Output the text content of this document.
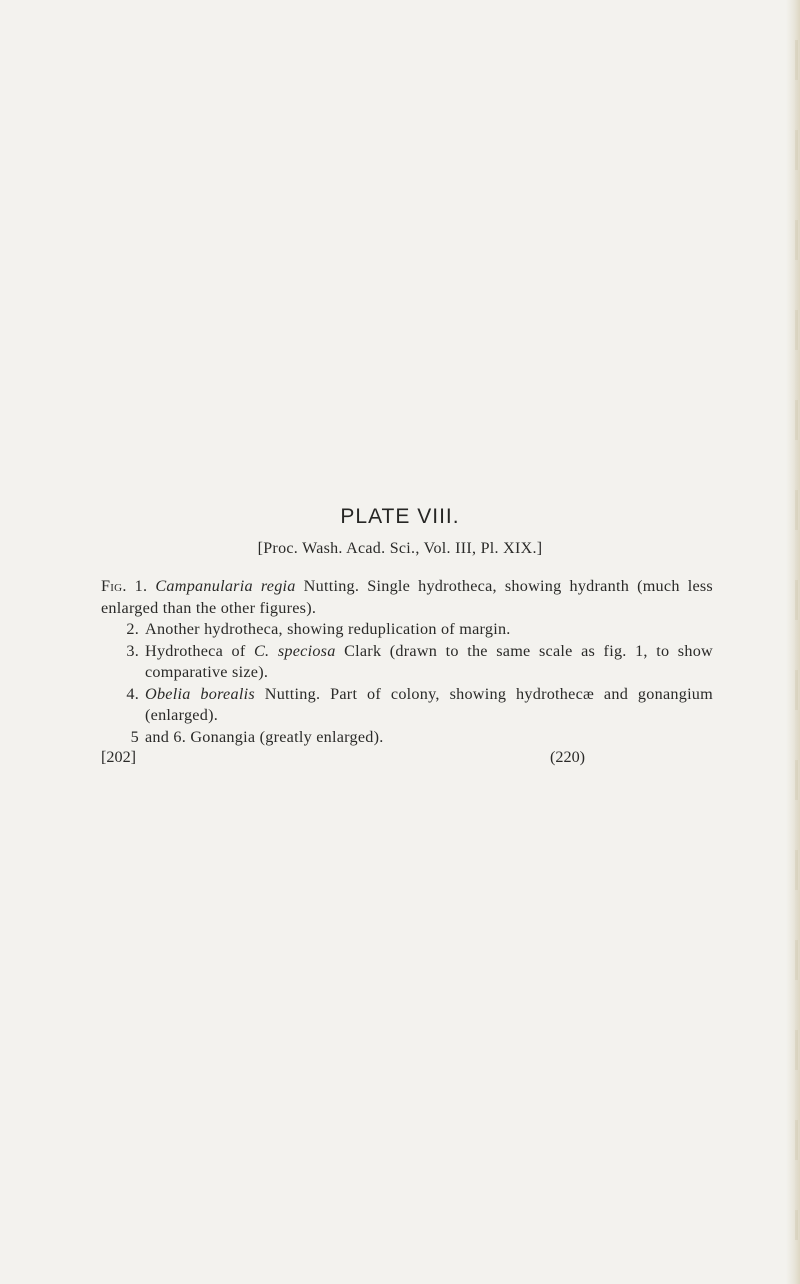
PLATE VIII.
[Proc. Wash. Acad. Sci., Vol. III, Pl. XIX.]
Fig. 1. Campanularia regia Nutting. Single hydrotheca, showing hydranth (much less enlarged than the other figures).
2. Another hydrotheca, showing reduplication of margin.
3. Hydrotheca of C. speciosa Clark (drawn to the same scale as fig. 1, to show comparative size).
4. Obelia borealis Nutting. Part of colony, showing hydrothecæ and gonangium (enlarged).
5 and 6. Gonangia (greatly enlarged).
[202]	(220)
